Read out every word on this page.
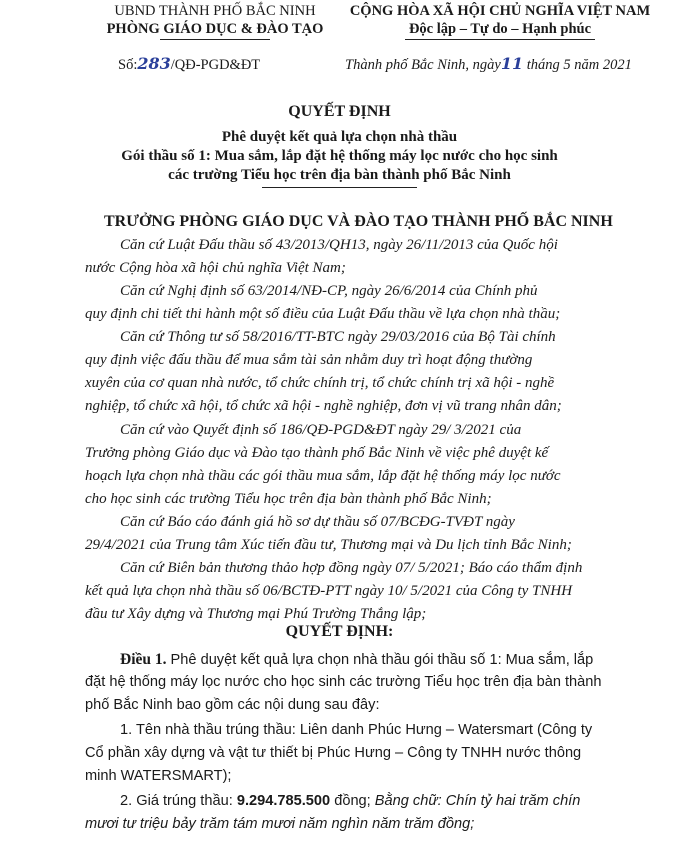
UBND THÀNH PHỐ BẮC NINH
PHÒNG GIÁO DỤC & ĐÀO TẠO
CỘNG HÒA XÃ HỘI CHỦ NGHĨA VIỆT NAM
Độc lập – Tự do – Hạnh phúc
Số:283/QĐ-PGD&ĐT	Thành phố Bắc Ninh, ngày11 tháng 5 năm 2021
QUYẾT ĐỊNH
Phê duyệt kết quả lựa chọn nhà thầu
Gói thầu số 1: Mua sắm, lắp đặt hệ thống máy lọc nước cho học sinh
các trường Tiểu học trên địa bàn thành phố Bắc Ninh
TRƯỞNG PHÒNG GIÁO DỤC VÀ ĐÀO TẠO THÀNH PHỐ BẮC NINH
Căn cứ Luật Đấu thầu số 43/2013/QH13, ngày 26/11/2013 của Quốc hội
nước Cộng hòa xã hội chủ nghĩa Việt Nam;
Căn cứ Nghị định số 63/2014/NĐ-CP, ngày 26/6/2014 của Chính phủ
quy định chi tiết thi hành một số điều của Luật Đấu thầu về lựa chọn nhà thầu;
Căn cứ Thông tư số 58/2016/TT-BTC ngày 29/03/2016 của Bộ Tài chính
quy định việc đấu thầu để mua sắm tài sản nhằm duy trì hoạt động thường
xuyên của cơ quan nhà nước, tổ chức chính trị, tổ chức chính trị xã hội - nghề
nghiệp, tổ chức xã hội, tổ chức xã hội - nghề nghiệp, đơn vị vũ trang nhân dân;
Căn cứ vào Quyết định số 186/QĐ-PGD&ĐT ngày 29/ 3/2021 của
Trưởng phòng Giáo dục và Đào tạo thành phố Bắc Ninh về việc phê duyệt kế
hoạch lựa chọn nhà thầu các gói thầu mua sắm, lắp đặt hệ thống máy lọc nước
cho học sinh các trường Tiểu học trên địa bàn thành phố Bắc Ninh;
Căn cứ Báo cáo đánh giá hồ sơ dự thầu số 07/BCĐG-TVĐT ngày
29/4/2021 của Trung tâm Xúc tiến đầu tư, Thương mại và Du lịch tỉnh Bắc Ninh;
Căn cứ Biên bản thương thảo hợp đồng ngày 07/ 5/2021; Báo cáo thẩm định
kết quả lựa chọn nhà thầu số 06/BCTĐ-PTT ngày 10/ 5/2021 của Công ty TNHH
đầu tư Xây dựng và Thương mại Phú Trường Thắng lập;
QUYẾT ĐỊNH:
Điều 1. Phê duyệt kết quả lựa chọn nhà thầu gói thầu số 1: Mua sắm, lắp
đặt hệ thống máy lọc nước cho học sinh các trường Tiểu học trên địa bàn thành
phố Bắc Ninh bao gồm các nội dung sau đây:
1. Tên nhà thầu trúng thầu: Liên danh Phúc Hưng – Watersmart (Công ty
Cổ phần xây dựng và vật tư thiết bị Phúc Hưng – Công ty TNHH nước thông
minh WATERSMART);
2. Giá trúng thầu: 9.294.785.500 đồng; Bằng chữ: Chín tỷ hai trăm chín
mươi tư triệu bảy trăm tám mươi năm nghìn năm trăm đồng;
